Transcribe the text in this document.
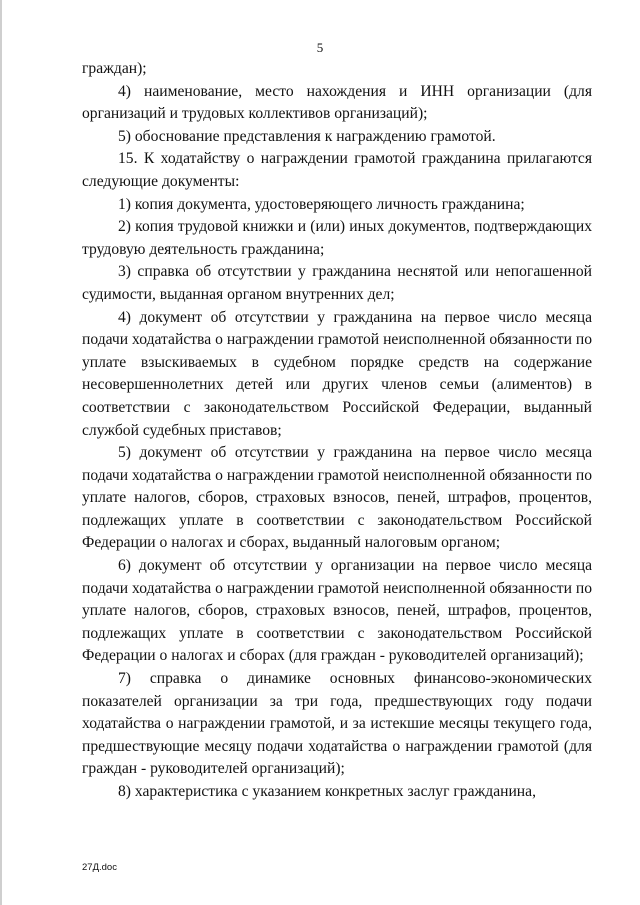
5

граждан);

4) наименование, место нахождения и ИНН организации (для организаций и трудовых коллективов организаций);

5) обоснование представления к награждению грамотой.

15. К ходатайству о награждении грамотой гражданина прилагаются следующие документы:

1) копия документа, удостоверяющего личность гражданина;

2) копия трудовой книжки и (или) иных документов, подтверждающих трудовую деятельность гражданина;

3) справка об отсутствии у гражданина неснятой или непогашенной судимости, выданная органом внутренних дел;

4) документ об отсутствии у гражданина на первое число месяца подачи ходатайства о награждении грамотой неисполненной обязанности по уплате взыскиваемых в судебном порядке средств на содержание несовершеннолетних детей или других членов семьи (алиментов) в соответствии с законодательством Российской Федерации, выданный службой судебных приставов;

5) документ об отсутствии у гражданина на первое число месяца подачи ходатайства о награждении грамотой неисполненной обязанности по уплате налогов, сборов, страховых взносов, пеней, штрафов, процентов, подлежащих уплате в соответствии с законодательством Российской Федерации о налогах и сборах, выданный налоговым органом;

6) документ об отсутствии у организации на первое число месяца подачи ходатайства о награждении грамотой неисполненной обязанности по уплате налогов, сборов, страховых взносов, пеней, штрафов, процентов, подлежащих уплате в соответствии с законодательством Российской Федерации о налогах и сборах (для граждан - руководителей организаций);

7) справка о динамике основных финансово-экономических показателей организации за три года, предшествующих году подачи ходатайства о награждении грамотой, и за истекшие месяцы текущего года, предшествующие месяцу подачи ходатайства о награждении грамотой (для граждан - руководителей организаций);

8) характеристика с указанием конкретных заслуг гражданина,

27Д.doc
